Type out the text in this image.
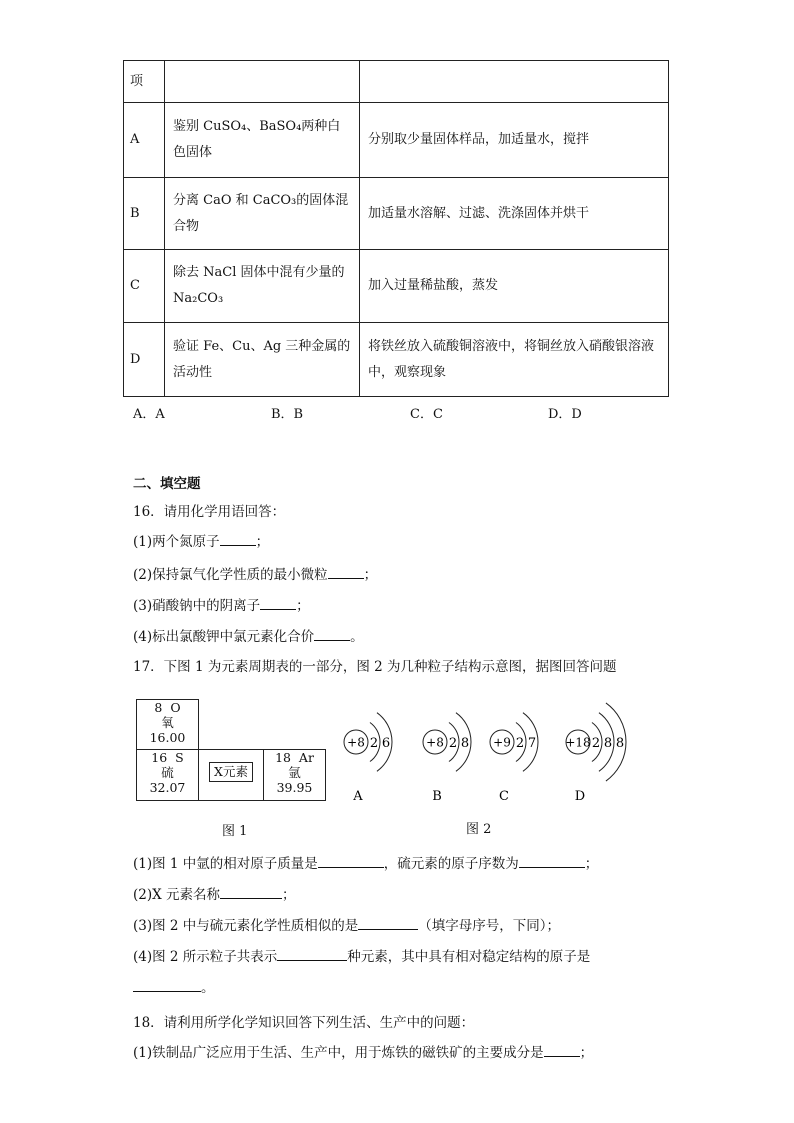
项		
A	鉴别 CuSO₄、BaSO₄两种白色固体	分别取少量固体样品，加适量水，搅拌
B	分离 CaO 和 CaCO₃的固体混合物	加适量水溶解、过滤、洗涤固体并烘干
C	除去 NaCl 固体中混有少量的 Na₂CO₃	加入过量稀盐酸，蒸发
D	验证 Fe、Cu、Ag 三种金属的活动性	将铁丝放入硫酸铜溶液中，将铜丝放入硝酸银溶液中，观察现象
A．A	B．B	C．C	D．D
二、填空题
16．请用化学用语回答：
(1)两个氮原子	；
(2)保持氯气化学性质的最小微粒	；
(3)硝酸钠中的阴离子	；
(4)标出氯酸钾中氯元素化合价	。
17．下图 1 为元素周期表的一部分，图 2 为几种粒子结构示意图，据图回答问题
8 O
氧
16.00
16 S
硫
32.07
X元素
18 Ar
氩
39.95
图 1
+8 2 6
A
+8 2 8
B
+9 2 7
C
+18 2 8 8
D
图 2
(1)图 1 中氩的相对原子质量是	，硫元素的原子序数为	；
(2)X 元素名称	；
(3)图 2 中与硫元素化学性质相似的是	（填字母序号，下同）；
(4)图 2 所示粒子共表示	种元素，其中具有相对稳定结构的原子是
。
18．请利用所学化学知识回答下列生活、生产中的问题：
(1)铁制品广泛应用于生活、生产中，用于炼铁的磁铁矿的主要成分是	；
